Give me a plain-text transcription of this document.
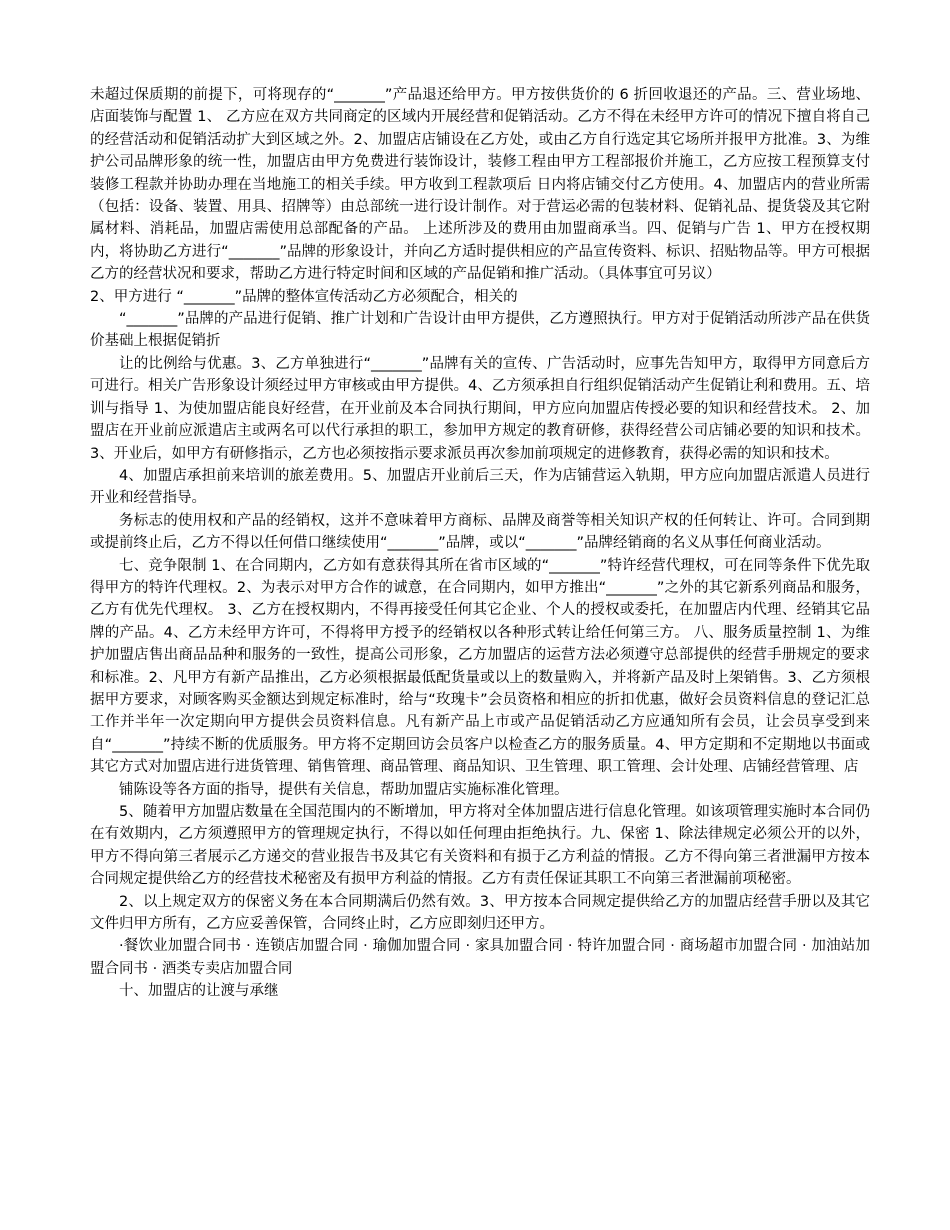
未超过保质期的前提下，可将现存的“_______”产品退还给甲方。甲方按供货价的 6 折回收退还的产品。三、营业场地、店面装饰与配置 1、 乙方应在双方共同商定的区域内开展经营和促销活动。乙方不得在未经甲方许可的情况下擅自将自己的经营活动和促销活动扩大到区域之外。2、加盟店店铺设在乙方处，或由乙方自行选定其它场所并报甲方批准。3、为维护公司品牌形象的统一性，加盟店由甲方免费进行装饰设计，装修工程由甲方工程部报价并施工，乙方应按工程预算支付装修工程款并协助办理在当地施工的相关手续。甲方收到工程款项后 日内将店铺交付乙方使用。4、加盟店内的营业所需（包括：设备、装置、用具、招牌等）由总部统一进行设计制作。对于营运必需的包装材料、促销礼品、提货袋及其它附属材料、消耗品，加盟店需使用总部配备的产品。 上述所涉及的费用由加盟商承当。四、促销与广告 1、甲方在授权期内，将协助乙方进行“_______”品牌的形象设计，并向乙方适时提供相应的产品宣传资料、标识、招贴物品等。甲方可根据乙方的经营状况和要求，帮助乙方进行特定时间和区域的产品促销和推广活动。（具体事宜可另议）

2、甲方进行 “_______”品牌的整体宣传活动乙方必须配合，相关的

“_______”品牌的产品进行促销、推广计划和广告设计由甲方提供，乙方遵照执行。甲方对于促销活动所涉产品在供货价基础上根据促销折

让的比例给与优惠。3、乙方单独进行“_______”品牌有关的宣传、广告活动时，应事先告知甲方，取得甲方同意后方可进行。相关广告形象设计须经过甲方审核或由甲方提供。4、乙方须承担自行组织促销活动产生促销让利和费用。五、培训与指导 1、为使加盟店能良好经营，在开业前及本合同执行期间，甲方应向加盟店传授必要的知识和经营技术。 2、加盟店在开业前应派遣店主或两名可以代行承担的职工，参加甲方规定的教育研修，获得经营公司店铺必要的知识和技术。 3、开业后，如甲方有研修指示，乙方也必须按指示要求派员再次参加前项规定的进修教育，获得必需的知识和技术。

4、加盟店承担前来培训的旅差费用。5、加盟店开业前后三天，作为店铺营运入轨期，甲方应向加盟店派遣人员进行开业和经营指导。

务标志的使用权和产品的经销权，这并不意味着甲方商标、品牌及商誉等相关知识产权的任何转让、许可。合同到期或提前终止后，乙方不得以任何借口继续使用“_______”品牌，或以“_______”品牌经销商的名义从事任何商业活动。

七、竞争限制 1、在合同期内，乙方如有意获得其所在省市区域的“_______”特许经营代理权，可在同等条件下优先取得甲方的特许代理权。2、为表示对甲方合作的诚意，在合同期内，如甲方推出“_______”之外的其它新系列商品和服务，乙方有优先代理权。 3、乙方在授权期内，不得再接受任何其它企业、个人的授权或委托，在加盟店内代理、经销其它品牌的产品。4、乙方未经甲方许可，不得将甲方授予的经销权以各种形式转让给任何第三方。 八、服务质量控制 1、为维护加盟店售出商品品种和服务的一致性，提高公司形象，乙方加盟店的运营方法必须遵守总部提供的经营手册规定的要求和标准。2、凡甲方有新产品推出，乙方必须根据最低配货量或以上的数量购入，并将新产品及时上架销售。3、乙方须根据甲方要求，对顾客购买金额达到规定标准时，给与“玫瑰卡”会员资格和相应的折扣优惠，做好会员资料信息的登记汇总工作并半年一次定期向甲方提供会员资料信息。凡有新产品上市或产品促销活动乙方应通知所有会员，让会员享受到来自“_______”持续不断的优质服务。甲方将不定期回访会员客户以检查乙方的服务质量。4、甲方定期和不定期地以书面或其它方式对加盟店进行进货管理、销售管理、商品管理、商品知识、卫生管理、职工管理、会计处理、店铺经营管理、店

铺陈设等各方面的指导，提供有关信息，帮助加盟店实施标准化管理。

5、随着甲方加盟店数量在全国范围内的不断增加，甲方将对全体加盟店进行信息化管理。如该项管理实施时本合同仍在有效期内，乙方须遵照甲方的管理规定执行，不得以如任何理由拒绝执行。九、保密 1、除法律规定必须公开的以外，甲方不得向第三者展示乙方递交的营业报告书及其它有关资料和有损于乙方利益的情报。乙方不得向第三者泄漏甲方按本合同规定提供给乙方的经营技术秘密及有损甲方利益的情报。乙方有责任保证其职工不向第三者泄漏前项秘密。

2、以上规定双方的保密义务在本合同期满后仍然有效。3、甲方按本合同规定提供给乙方的加盟店经营手册以及其它文件归甲方所有，乙方应妥善保管，合同终止时，乙方应即刻归还甲方。

·餐饮业加盟合同书 · 连锁店加盟合同 · 瑜伽加盟合同 · 家具加盟合同 · 特许加盟合同 · 商场超市加盟合同 · 加油站加盟合同书 · 酒类专卖店加盟合同

十、加盟店的让渡与承继
